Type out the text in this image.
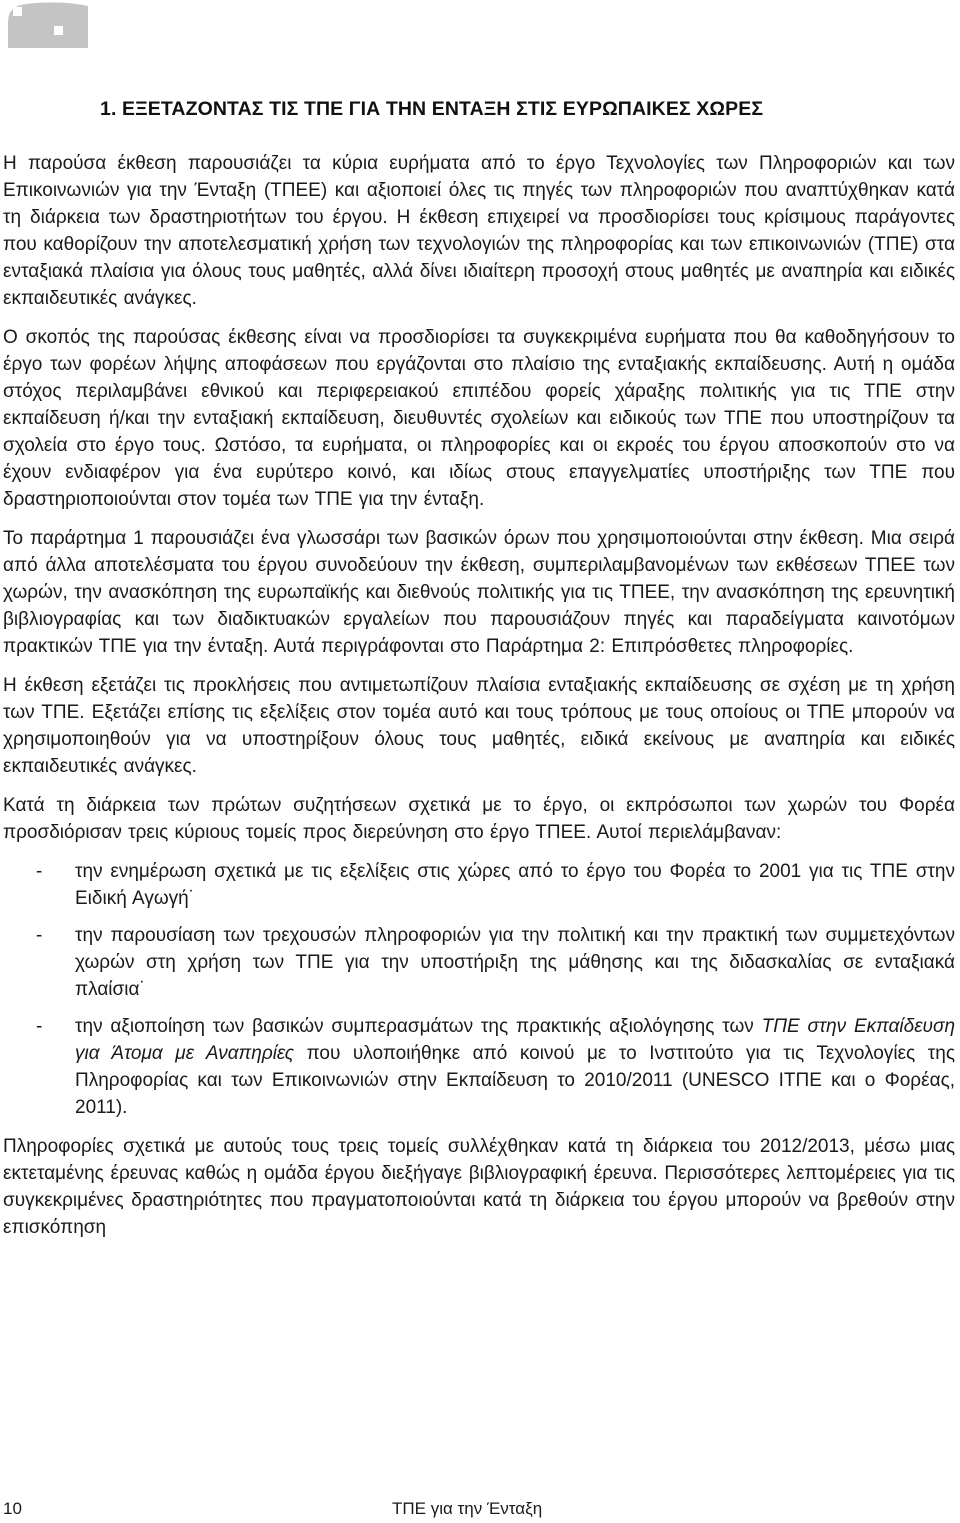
1. ΕΞΕΤΑΖΟΝΤΑΣ ΤΙΣ ΤΠΕ ΓΙΑ ΤΗΝ ΕΝΤΑΞΗ ΣΤΙΣ ΕΥΡΩΠΑΙΚΕΣ ΧΩΡΕΣ

Η παρούσα έκθεση παρουσιάζει τα κύρια ευρήματα από το έργο Τεχνολογίες των Πληροφοριών και των Επικοινωνιών για την Ένταξη (ΤΠΕΕ) και αξιοποιεί όλες τις πηγές των πληροφοριών που αναπτύχθηκαν κατά τη διάρκεια των δραστηριοτήτων του έργου. Η έκθεση επιχειρεί να προσδιορίσει τους κρίσιμους παράγοντες που καθορίζουν την αποτελεσματική χρήση των τεχνολογιών της πληροφορίας και των επικοινωνιών (ΤΠΕ) στα ενταξιακά πλαίσια για όλους τους μαθητές, αλλά δίνει ιδιαίτερη προσοχή στους μαθητές με αναπηρία και ειδικές εκπαιδευτικές ανάγκες.

Ο σκοπός της παρούσας έκθεσης είναι να προσδιορίσει τα συγκεκριμένα ευρήματα που θα καθοδηγήσουν το έργο των φορέων λήψης αποφάσεων που εργάζονται στο πλαίσιο της ενταξιακής εκπαίδευσης. Αυτή η ομάδα στόχος περιλαμβάνει εθνικού και περιφερειακού επιπέδου φορείς χάραξης πολιτικής για τις ΤΠΕ στην εκπαίδευση ή/και την ενταξιακή εκπαίδευση, διευθυντές σχολείων και ειδικούς των ΤΠΕ που υποστηρίζουν τα σχολεία στο έργο τους. Ωστόσο, τα ευρήματα, οι πληροφορίες και οι εκροές του έργου αποσκοπούν στο να έχουν ενδιαφέρον για ένα ευρύτερο κοινό, και ιδίως στους επαγγελματίες υποστήριξης των ΤΠΕ που δραστηριοποιούνται στον τομέα των ΤΠΕ για την ένταξη.

Το παράρτημα 1 παρουσιάζει ένα γλωσσάρι των βασικών όρων που χρησιμοποιούνται στην έκθεση. Μια σειρά από άλλα αποτελέσματα του έργου συνοδεύουν την έκθεση, συμπεριλαμβανομένων των εκθέσεων ΤΠΕΕ των χωρών, την ανασκόπηση της ευρωπαϊκής και διεθνούς πολιτικής για τις ΤΠΕΕ, την ανασκόπηση της ερευνητική βιβλιογραφίας και των διαδικτυακών εργαλείων που παρουσιάζουν πηγές και παραδείγματα καινοτόμων πρακτικών ΤΠΕ για την ένταξη. Αυτά περιγράφονται στο Παράρτημα 2: Επιπρόσθετες πληροφορίες.

Η έκθεση εξετάζει τις προκλήσεις που αντιμετωπίζουν πλαίσια ενταξιακής εκπαίδευσης σε σχέση με τη χρήση των ΤΠΕ. Εξετάζει επίσης τις εξελίξεις στον τομέα αυτό και τους τρόπους με τους οποίους οι ΤΠΕ μπορούν να χρησιμοποιηθούν για να υποστηρίξουν όλους τους μαθητές, ειδικά εκείνους με αναπηρία και ειδικές εκπαιδευτικές ανάγκες.

Κατά τη διάρκεια των πρώτων συζητήσεων σχετικά με το έργο, οι εκπρόσωποι των χωρών του Φορέα προσδιόρισαν τρεις κύριους τομείς προς διερεύνηση στο έργο ΤΠΕΕ. Αυτοί περιελάμβαναν:

- την ενημέρωση σχετικά με τις εξελίξεις στις χώρες από το έργο του Φορέα το 2001 για τις ΤΠΕ στην Ειδική Αγωγή˙
- την παρουσίαση των τρεχουσών πληροφοριών για την πολιτική και την πρακτική των συμμετεχόντων χωρών στη χρήση των ΤΠΕ για την υποστήριξη της μάθησης και της διδασκαλίας σε ενταξιακά πλαίσια˙
- την αξιοποίηση των βασικών συμπερασμάτων της πρακτικής αξιολόγησης των ΤΠΕ στην Εκπαίδευση για Άτομα με Αναπηρίες που υλοποιήθηκε από κοινού με το Ινστιτούτο για τις Τεχνολογίες της Πληροφορίας και των Επικοινωνιών στην Εκπαίδευση το 2010/2011 (UNESCO ΙΤΠΕ και ο Φορέας, 2011).

Πληροφορίες σχετικά με αυτούς τους τρεις τομείς συλλέχθηκαν κατά τη διάρκεια του 2012/2013, μέσω μιας εκτεταμένης έρευνας καθώς η ομάδα έργου διεξήγαγε βιβλιογραφική έρευνα. Περισσότερες λεπτομέρειες για τις συγκεκριμένες δραστηριότητες που πραγματοποιούνται κατά τη διάρκεια του έργου μπορούν να βρεθούν στην επισκόπηση

10	ΤΠΕ για την Ένταξη
